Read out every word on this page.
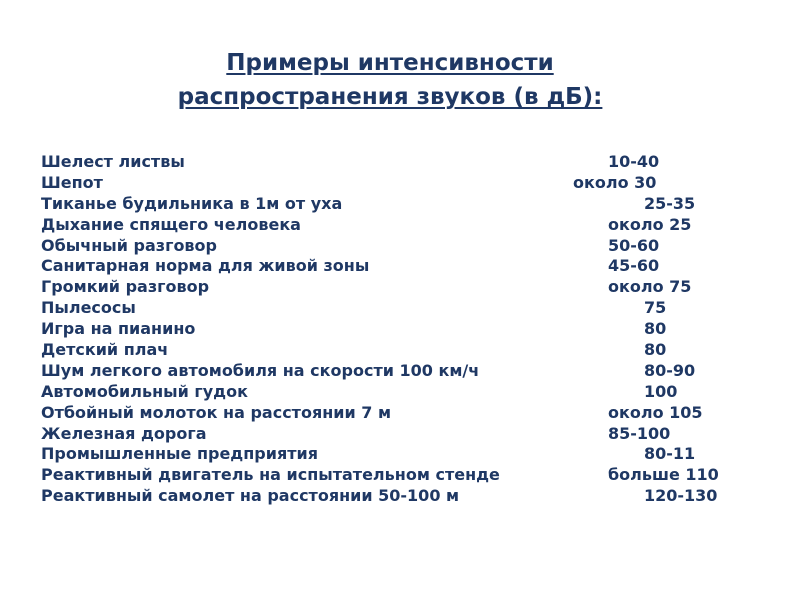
Примеры интенсивности
распространения звуков (в дБ):
Шелест листвы	10-40
Шепот	около 30
Тиканье будильника в 1м от уха	25-35
Дыхание спящего человека	около 25
Обычный разговор	50-60
Санитарная норма для живой зоны	45-60
Громкий разговор	около 75
Пылесосы	75
Игра на пианино	80
Детский плач	80
Шум легкого автомобиля на скорости 100 км/ч	80-90
Автомобильный гудок	100
Отбойный молоток на расстоянии 7 м	около 105
Железная дорога	85-100
Промышленные предприятия	80-11
Реактивный двигатель на испытательном стенде	больше 110
Реактивный самолет на расстоянии 50-100 м	120-130
